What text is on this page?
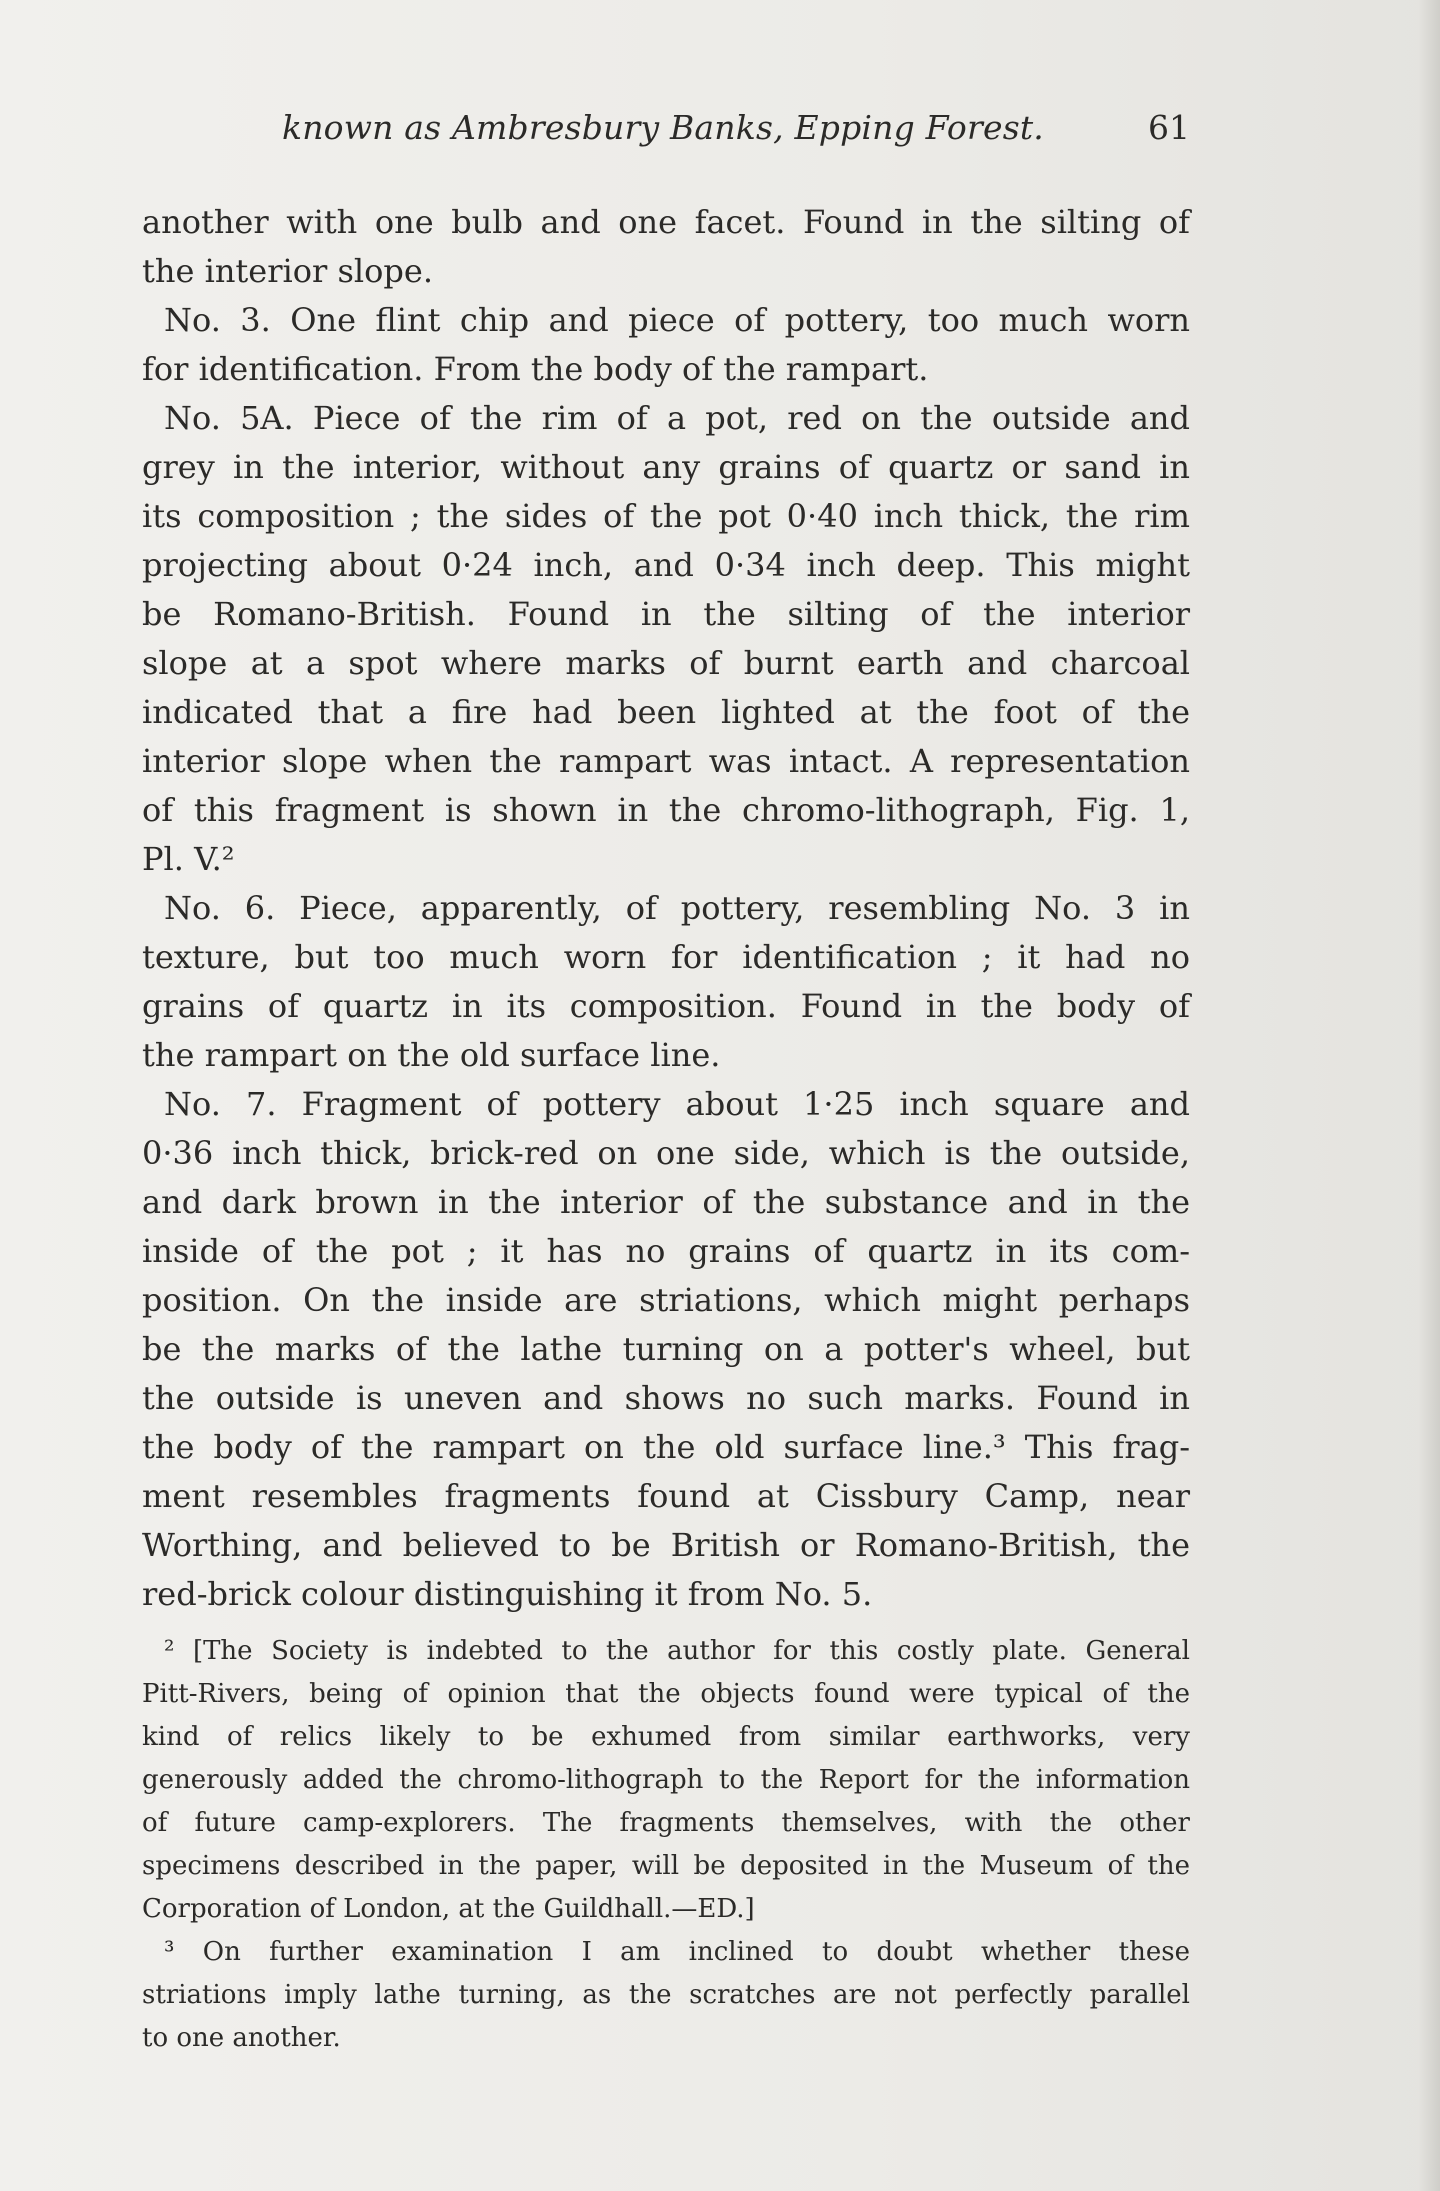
known as Ambresbury Banks, Epping Forest.	61
another with one bulb and one facet. Found in the silting of
the interior slope.
No. 3. One flint chip and piece of pottery, too much worn
for identification. From the body of the rampart.
No. 5A. Piece of the rim of a pot, red on the outside and
grey in the interior, without any grains of quartz or sand in
its composition ; the sides of the pot 0·40 inch thick, the rim
projecting about 0·24 inch, and 0·34 inch deep. This might
be Romano-British. Found in the silting of the interior
slope at a spot where marks of burnt earth and charcoal
indicated that a fire had been lighted at the foot of the
interior slope when the rampart was intact. A representation
of this fragment is shown in the chromo-lithograph, Fig. 1,
Pl. V.²
No. 6. Piece, apparently, of pottery, resembling No. 3 in
texture, but too much worn for identification ; it had no
grains of quartz in its composition. Found in the body of
the rampart on the old surface line.
No. 7. Fragment of pottery about 1·25 inch square and
0·36 inch thick, brick-red on one side, which is the outside,
and dark brown in the interior of the substance and in the
inside of the pot ; it has no grains of quartz in its com-
position. On the inside are striations, which might perhaps
be the marks of the lathe turning on a potter's wheel, but
the outside is uneven and shows no such marks. Found in
the body of the rampart on the old surface line.³ This frag-
ment resembles fragments found at Cissbury Camp, near
Worthing, and believed to be British or Romano-British, the
red-brick colour distinguishing it from No. 5.
² [The Society is indebted to the author for this costly plate. General
Pitt-Rivers, being of opinion that the objects found were typical of the
kind of relics likely to be exhumed from similar earthworks, very
generously added the chromo-lithograph to the Report for the information
of future camp-explorers. The fragments themselves, with the other
specimens described in the paper, will be deposited in the Museum of the
Corporation of London, at the Guildhall.—ED.]
³ On further examination I am inclined to doubt whether these
striations imply lathe turning, as the scratches are not perfectly parallel
to one another.
